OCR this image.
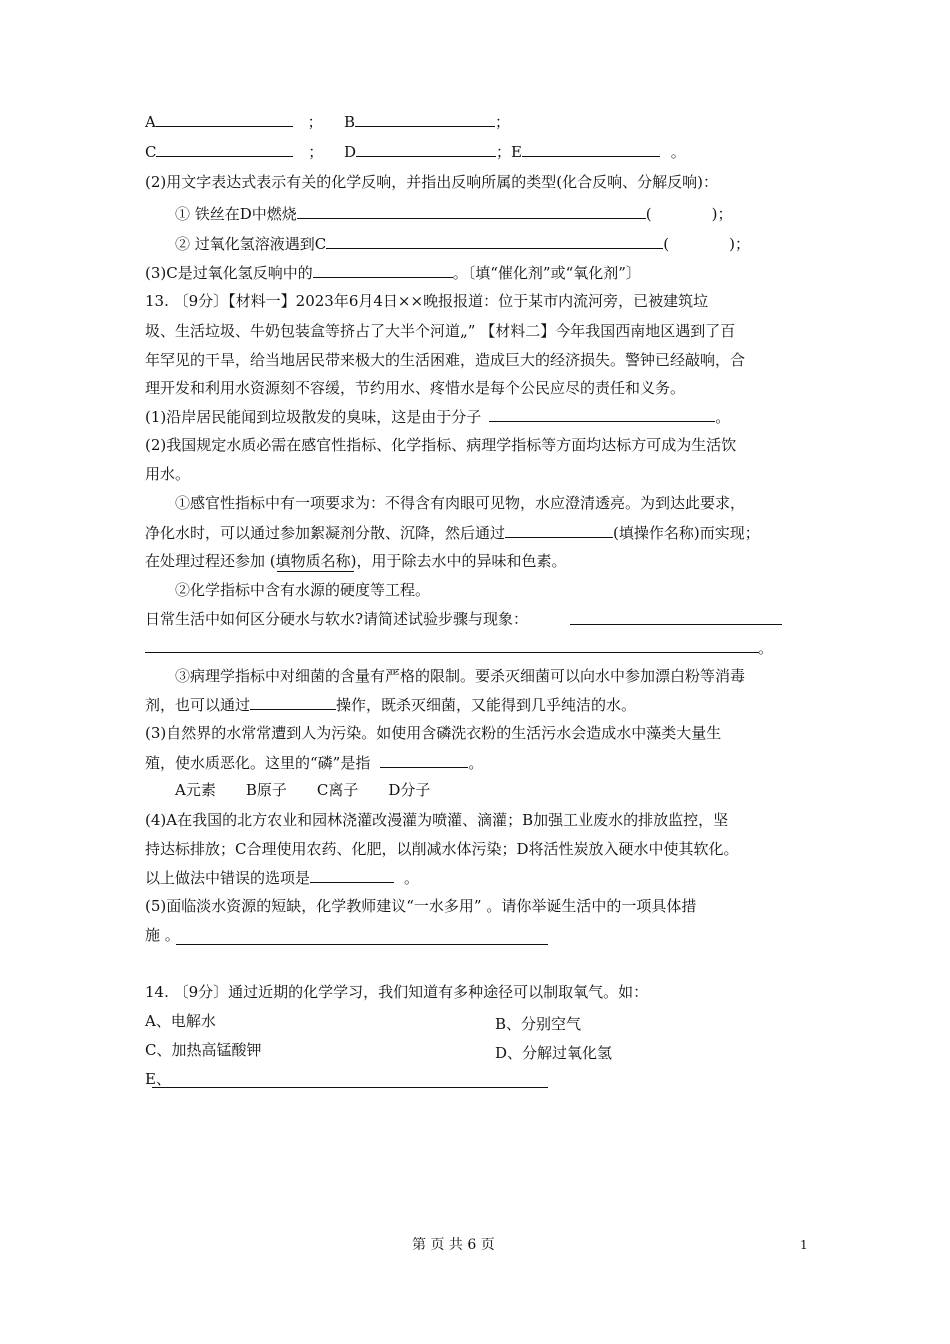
A	； B	；
C	； D	；E	。
(2)用文字表达式表示有关的化学反响，并指出反响所属的类型(化合反响、分解反响)：
① 铁丝在D中燃烧	(	)；
② 过氧化氢溶液遇到C	(	)；
(3)C是过氧化氢反响中的	。〔填“催化剂”或“氧化剂”〕
13. 〔9分〕【材料一】2023年6月4日××晚报报道：位于某市内流河旁，已被建筑垃
圾、生活垃圾、牛奶包装盒等挤占了大半个河道„” 【材料二】今年我国西南地区遇到了百
年罕见的干旱，给当地居民带来极大的生活困难，造成巨大的经济损失。警钟已经敲响，合
理开发和利用水资源刻不容缓，节约用水、疼惜水是每个公民应尽的责任和义务。
(1)沿岸居民能闻到垃圾散发的臭味，这是由于分子	。
(2)我国规定水质必需在感官性指标、化学指标、病理学指标等方面均达标方可成为生活饮
用水。
①感官性指标中有一项要求为：不得含有肉眼可见物，水应澄清透亮。为到达此要求，
净化水时，可以通过参加絮凝剂分散、沉降，然后通过	(填操作名称)而实现；
在处理过程还参加 (填物质名称)，用于除去水中的异味和色素。
②化学指标中含有水源的硬度等工程。
日常生活中如何区分硬水与软水?请简述试验步骤与现象：
。
③病理学指标中对细菌的含量有严格的限制。要杀灭细菌可以向水中参加漂白粉等消毒
剂，也可以通过	操作，既杀灭细菌，又能得到几乎纯洁的水。
(3)自然界的水常常遭到人为污染。如使用含磷洗衣粉的生活污水会造成水中藻类大量生
殖，使水质恶化。这里的“磷”是指	。
A元素 B原子 C离子 D分子
(4)A在我国的北方农业和园林浇灌改漫灌为喷灌、滴灌；B加强工业废水的排放监控，坚
持达标排放；C合理使用农药、化肥，以削减水体污染；D将活性炭放入硬水中使其软化。
以上做法中错误的选项是	。
(5)面临淡水资源的短缺，化学教师建议“一水多用” 。请你举诞生活中的一项具体措
施 。
14. 〔9分〕通过近期的化学学习，我们知道有多种途径可以制取氧气。如：
A、电解水	B、分别空气
C、加热高锰酸钾	D、分解过氧化氢
E、
第 页 共 6 页	1
